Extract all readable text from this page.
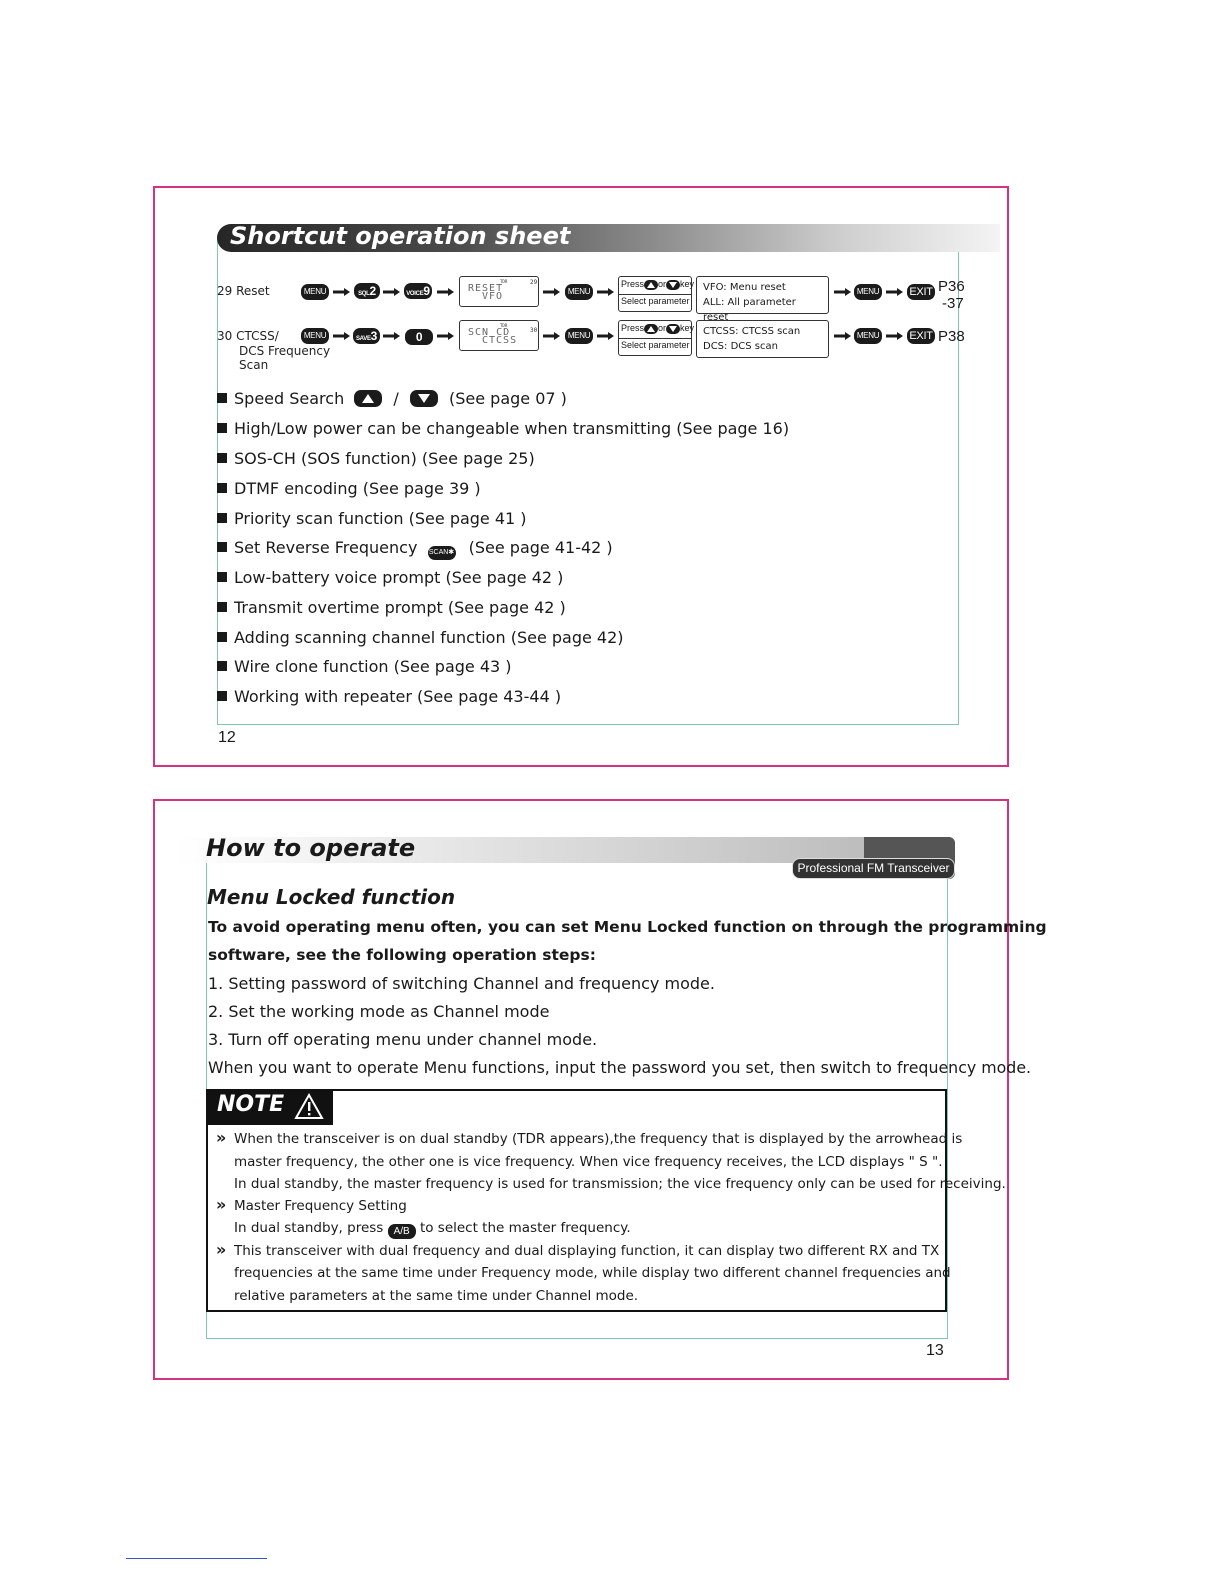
Shortcut operation sheet
29 Reset	MENU	SQL2	VOICE9
TDR	29
RESET
VFO	MENU
Press or key
Select parameter
VFO: Menu reset
ALL: All parameter reset
MENU	EXIT P36
-37
30 CTCSS/
DCS Frequency
Scan
MENU	SAVE3	0
TDR
30
SCN CD
CTCSS	MENU
Press or key
Select parameter
CTCSS: CTCSS scan
DCS: DCS scan
MENU	EXIT P38
Speed Search	/	(See page 07 )
High/Low power can be changeable when transmitting (See page 16)
SOS-CH (SOS function) (See page 25)
DTMF encoding (See page 39 )
Priority scan function (See page 41 )
Set Reverse Frequency SCAN✱ (See page 41-42 )
Low-battery voice prompt (See page 42 )
Transmit overtime prompt (See page 42 )
Adding scanning channel function (See page 42)
Wire clone function (See page 43 )
Working with repeater (See page 43-44 )
12
How to operate
Professional FM Transceiver
Menu Locked function
To avoid operating menu often, you can set Menu Locked function on through the programming
software, see the following operation steps:
1. Setting password of switching Channel and frequency mode.
2. Set the working mode as Channel mode
3. Turn off operating menu under channel mode.
When you want to operate Menu functions, input the password you set, then switch to frequency mode.
NOTE
» When the transceiver is on dual standby (TDR appears),the frequency that is displayed by the arrowhead is
master frequency, the other one is vice frequency. When vice frequency receives, the LCD displays " S ".
In dual standby, the master frequency is used for transmission; the vice frequency only can be used for receiving.
» Master Frequency Setting
In dual standby, press A/B to select the master frequency.
» This transceiver with dual frequency and dual displaying function, it can display two different RX and TX
frequencies at the same time under Frequency mode, while display two different channel frequencies and
relative parameters at the same time under Channel mode.
13
